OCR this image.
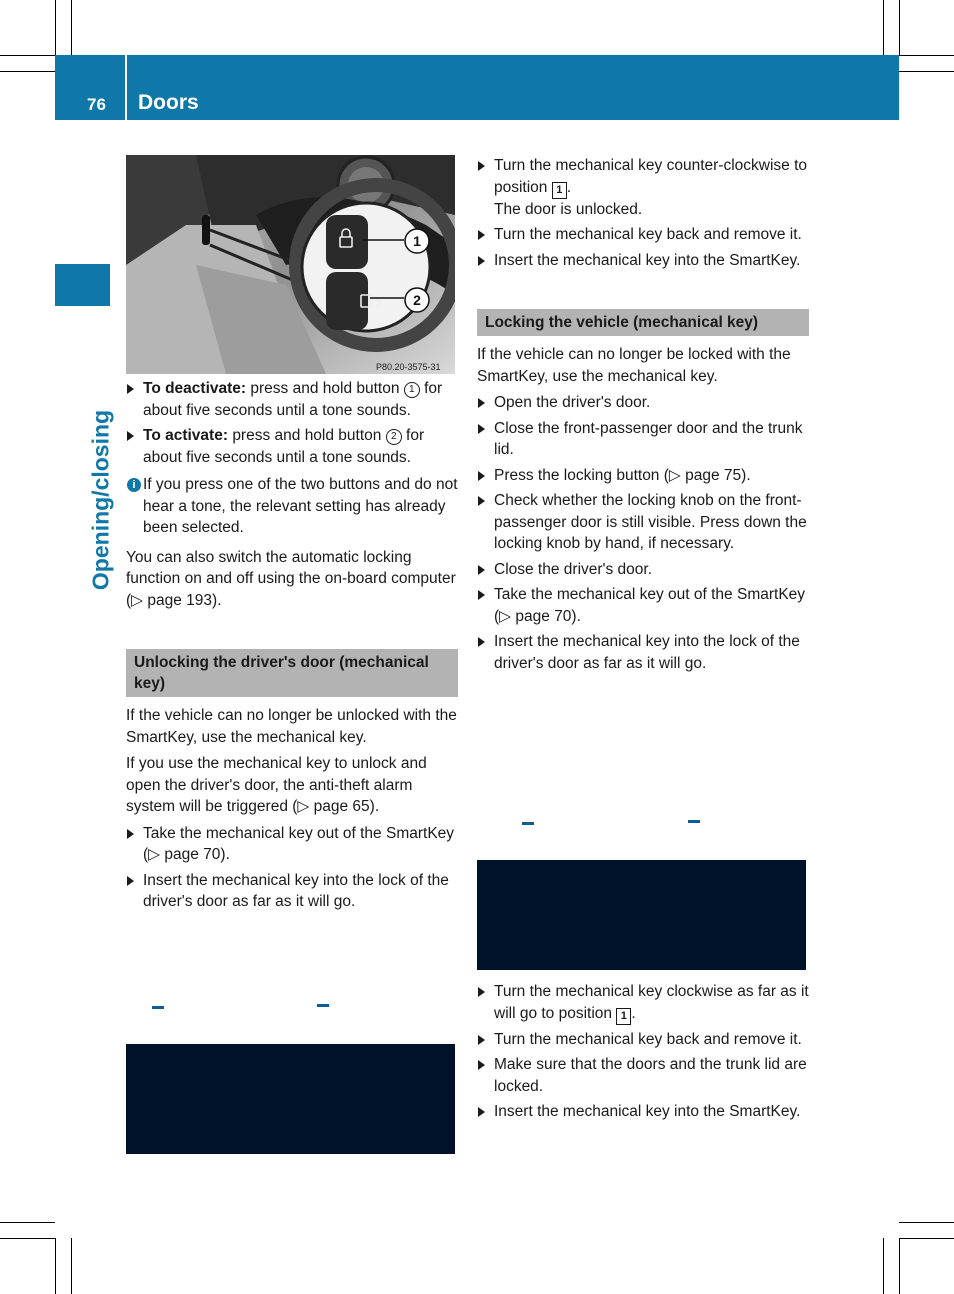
76 Doors
Opening/closing
1
2
P80.20-3575-31
To deactivate: press and hold button 1 for about five seconds until a tone sounds.
To activate: press and hold button 2 for about five seconds until a tone sounds.
i If you press one of the two buttons and do not hear a tone, the relevant setting has already been selected.

You can also switch the automatic locking function on and off using the on-board computer (▷ page 193).

Unlocking the driver's door (mechanical key)

If the vehicle can no longer be unlocked with the SmartKey, use the mechanical key.

If you use the mechanical key to unlock and open the driver's door, the anti-theft alarm system will be triggered (▷ page 65).

Take the mechanical key out of the SmartKey (▷ page 70).
Insert the mechanical key into the lock of the driver's door as far as it will go.
Turn the mechanical key counter-clockwise to position 1 .
The door is unlocked.
Turn the mechanical key back and remove it.
Insert the mechanical key into the SmartKey.
Locking the vehicle (mechanical key)

If the vehicle can no longer be locked with the SmartKey, use the mechanical key.

Open the driver's door.
Close the front-passenger door and the trunk lid.
Press the locking button (▷ page 75).
Check whether the locking knob on the front-passenger door is still visible. Press down the locking knob by hand, if necessary.
Close the driver's door.
Take the mechanical key out of the SmartKey (▷ page 70).
Insert the mechanical key into the lock of the driver's door as far as it will go.
Turn the mechanical key clockwise as far as it will go to position 1 .
Turn the mechanical key back and remove it.
Make sure that the doors and the trunk lid are locked.
Insert the mechanical key into the SmartKey.
